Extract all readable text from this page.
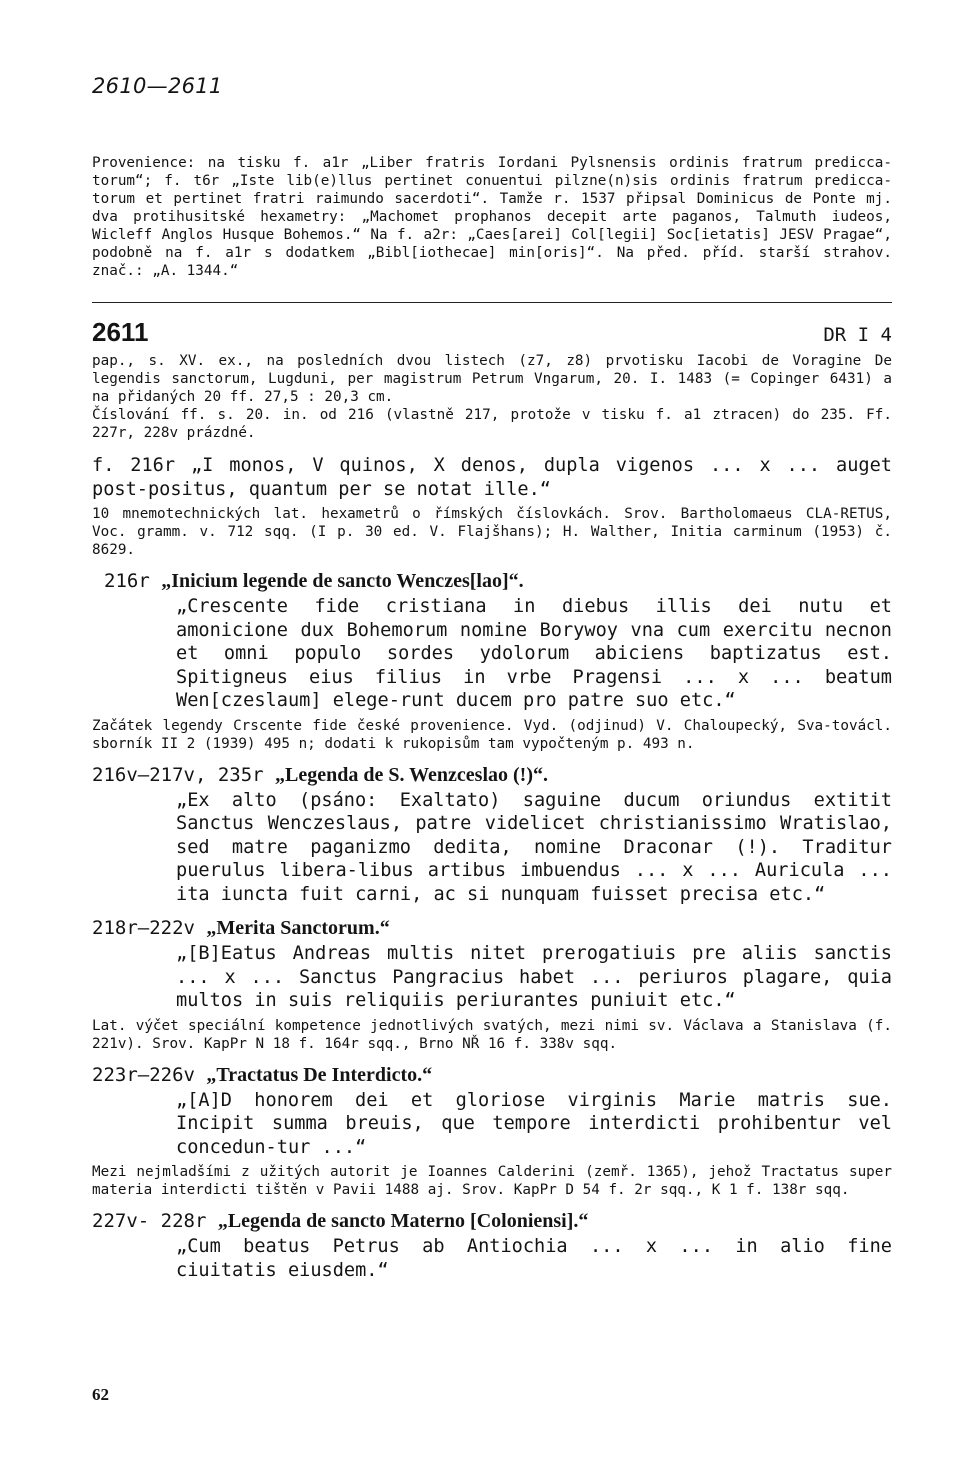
2610—2611
Provenience: na tisku f. a1r „Liber fratris Iordani Pylsnensis ordinis fratrum predicca-torum“; f. t6r „Iste lib(e)llus pertinet conuentui pilzne(n)sis ordinis fratrum predicca-torum et pertinet fratri raimundo sacerdoti“. Tamže r. 1537 připsal Dominicus de Ponte mj. dva protihusitské hexametry: „Machomet prophanos decepit arte paganos, Talmuth iudeos, Wicleff Anglos Husque Bohemos.“ Na f. a2r: „Caes[arei] Col[legii] Soc[ietatis] JESV Pragae“, podobně na f. a1r s dodatkem „Bibl[iothecae] min[oris]“. Na před. příd. starší strahov. znač.: „A. 1344.“
2611	DR I 4
pap., s. XV. ex., na posledních dvou listech (z7, z8) prvotisku Iacobi de Voragine De legendis sanctorum, Lugduni, per magistrum Petrum Vngarum, 20. I. 1483 (= Copinger 6431) a na přidaných 20 ff. 27,5 : 20,3 cm.
Číslování ff. s. 20. in. od 216 (vlastně 217, protože v tisku f. a1 ztracen) do 235. Ff. 227r, 228v prázdné.
f. 216r „I monos, V quinos, X denos, dupla vigenos ... x ... auget post-positus, quantum per se notat ille.“
10 mnemotechnických lat. hexametrů o římských číslovkách. Srov. Bartholomaeus CLA-RETUS, Voc. gramm. v. 712 sqq. (I p. 30 ed. V. Flajšhans); H. Walther, Initia carminum (1953) č. 8629.
216r „Inicium legende de sancto Wenczes[lao]“.
„Crescente fide cristiana in diebus illis dei nutu et amonicione dux Bohemorum nomine Borywoy vna cum exercitu necnon et omni populo sordes ydolorum abiciens baptizatus est. Spitigneus eius filius in vrbe Pragensi ... x ... beatum Wen[czeslaum] elege-runt ducem pro patre suo etc.“
Začátek legendy Crscente fide české provenience. Vyd. (odjinud) V. Chaloupecký, Sva-továcl. sborník II 2 (1939) 495 n; dodati k rukopisům tam vypočteným p. 493 n.
216v—217v, 235r „Legenda de S. Wenzceslao (!)“.
„Ex alto (psáno: Exaltato) saguine ducum oriundus extitit Sanctus Wenczeslaus, patre videlicet christianissimo Wratislao, sed matre paganizmo dedita, nomine Draconar (!). Traditur puerulus libera-libus artibus imbuendus ... x ... Auricula ... ita iuncta fuit carni, ac si nunquam fuisset precisa etc.“
218r—222v „Merita Sanctorum.“
„[B]Eatus Andreas multis nitet prerogatiuis pre aliis sanctis ... x ... Sanctus Pangracius habet ... periuros plagare, quia multos in suis reliquiis periurantes puniuit etc.“
Lat. výčet speciální kompetence jednotlivých svatých, mezi nimi sv. Václava a Stanislava (f. 221v). Srov. KapPr N 18 f. 164r sqq., Brno NŘ 16 f. 338v sqq.
223r—226v „Tractatus De Interdicto.“
„[A]D honorem dei et gloriose virginis Marie matris sue. Incipit summa breuis, que tempore interdicti prohibentur vel concedun-tur ...“
Mezi nejmladšími z užitých autorit je Ioannes Calderini (zemř. 1365), jehož Tractatus super materia interdicti tištěn v Pavii 1488 aj. Srov. KapPr D 54 f. 2r sqq., K 1 f. 138r sqq.
227v- 228r „Legenda de sancto Materno [Coloniensi].“
„Cum beatus Petrus ab Antiochia ... x ... in alio fine ciuitatis eiusdem.“
62
